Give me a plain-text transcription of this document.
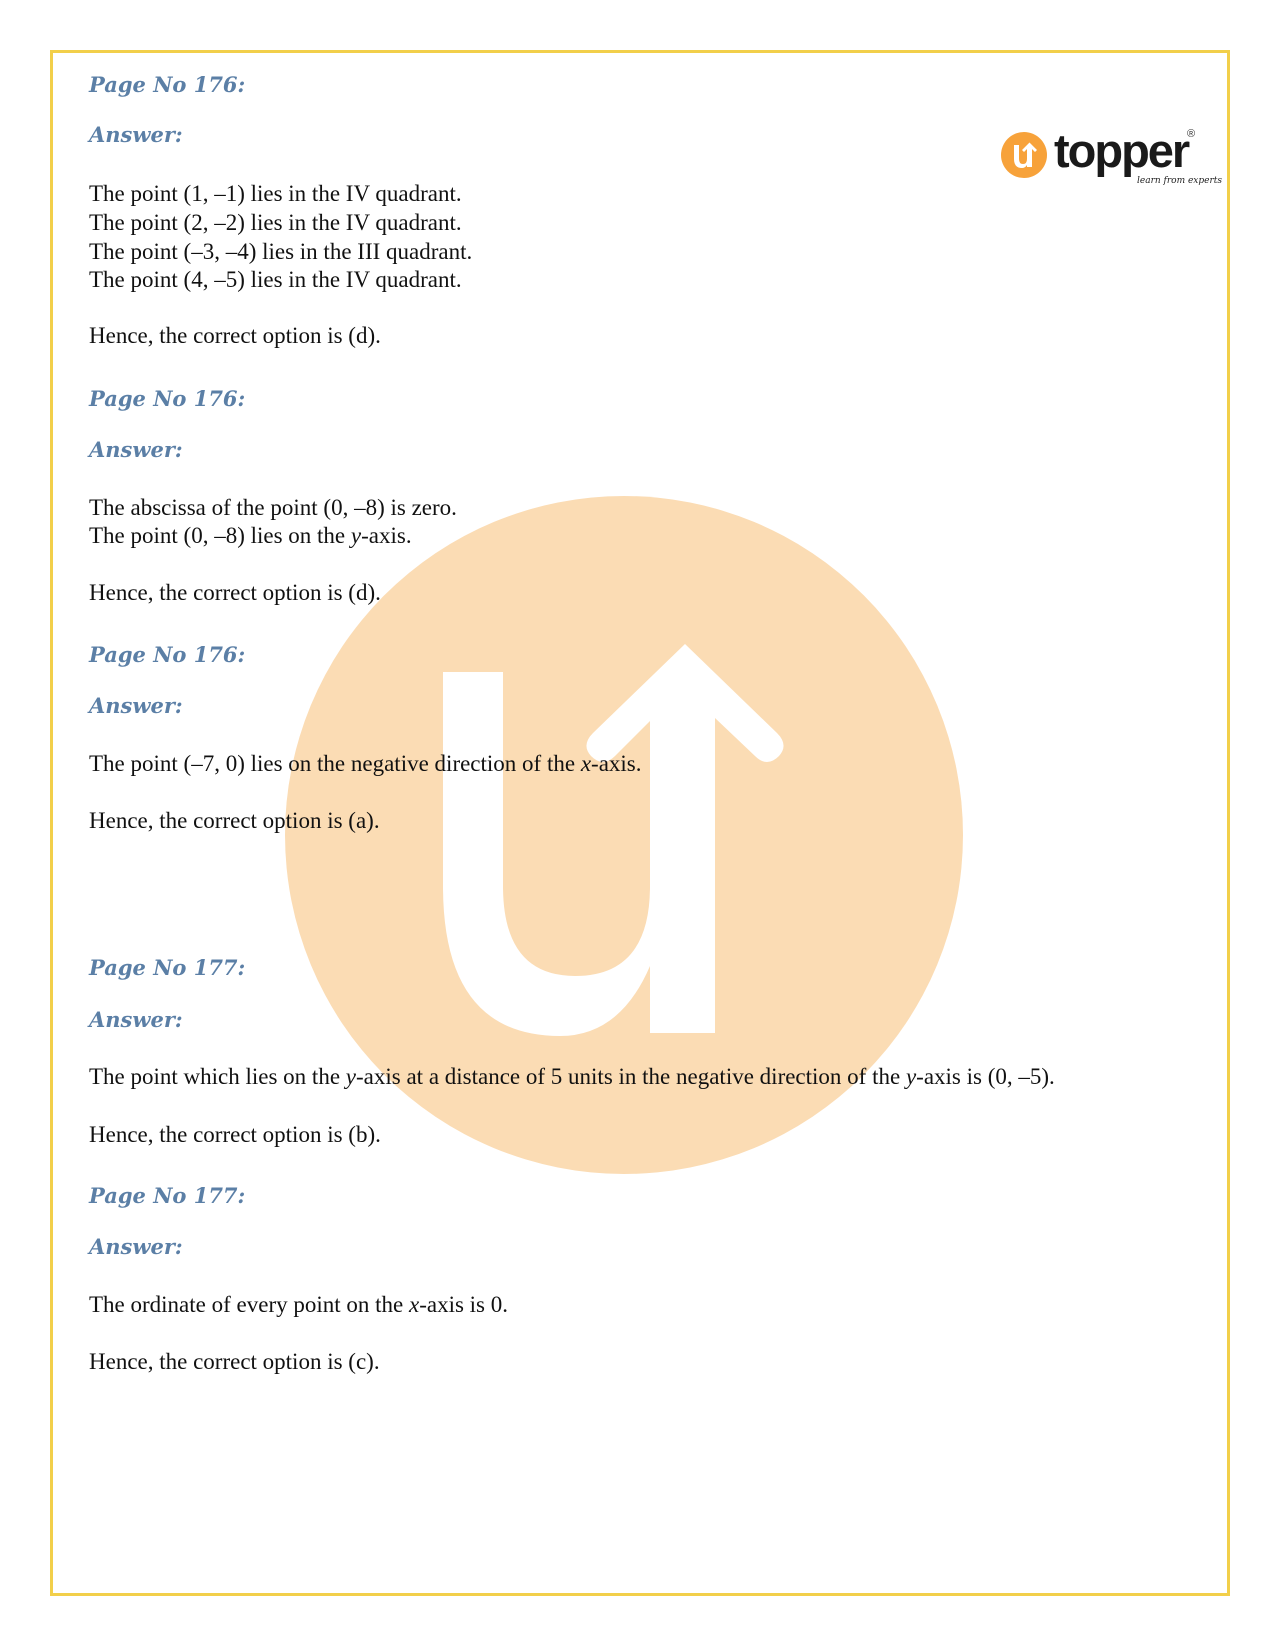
topper
learn from experts
®
Page No 176:
Answer:
The point (1, –1) lies in the IV quadrant.
The point (2, –2) lies in the IV quadrant.
The point (–3, –4) lies in the III quadrant.
The point (4, –5) lies in the IV quadrant.
Hence, the correct option is (d).
Page No 176:
Answer:
The abscissa of the point (0, –8) is zero.
The point (0, –8) lies on the y-axis.
Hence, the correct option is (d).
Page No 176:
Answer:
The point (–7, 0) lies on the negative direction of the x-axis.
Hence, the correct option is (a).
Page No 177:
Answer:
The point which lies on the y-axis at a distance of 5 units in the negative direction of the y-axis is (0, –5).
Hence, the correct option is (b).
Page No 177:
Answer:
The ordinate of every point on the x-axis is 0.
Hence, the correct option is (c).
